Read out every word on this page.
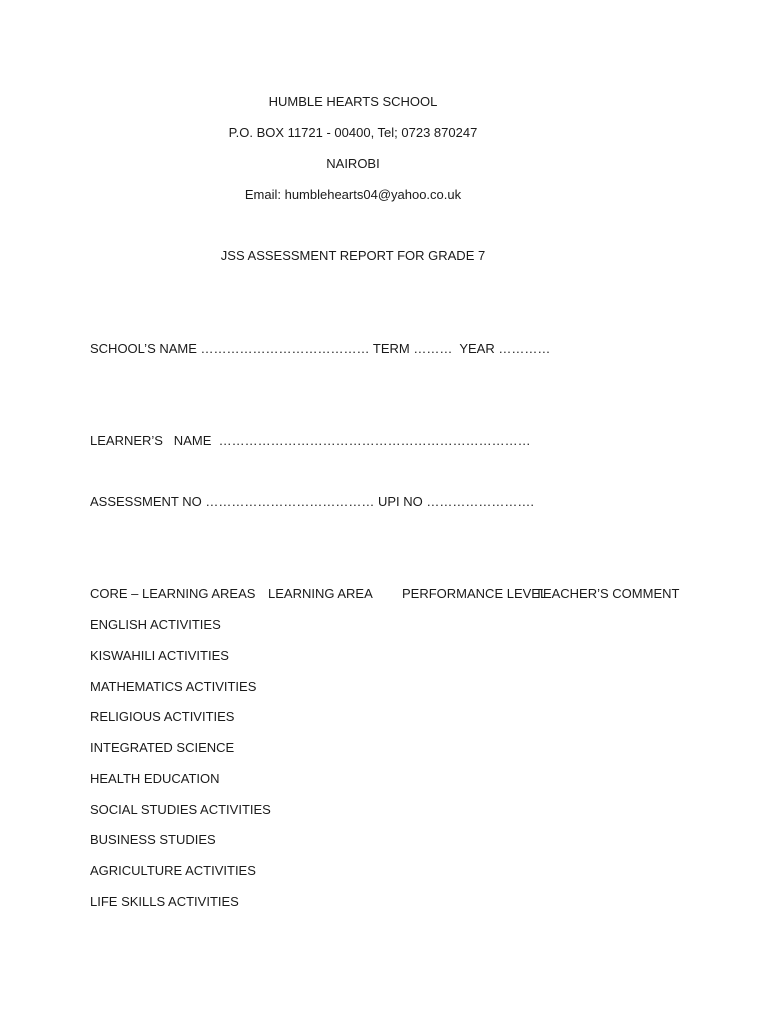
HUMBLE HEARTS SCHOOL
P.O. BOX 11721 - 00400, Tel; 0723 870247
NAIROBI
Email: humblehearts04@yahoo.co.uk
JSS ASSESSMENT REPORT FOR GRADE 7
SCHOOL’S NAME ………………………………… TERM ………  YEAR …………
LEARNER’S   NAME  ………………………………………………………………
ASSESSMENT NO ………………………………… UPI NO …………………….
CORE – LEARNING AREAS LEARNING AREA PERFORMANCE LEVEL
TEACHER’S COMMENT
ENGLISH ACTIVITIES
KISWAHILI ACTIVITIES
MATHEMATICS ACTIVITIES
RELIGIOUS ACTIVITIES
INTEGRATED SCIENCE
HEALTH EDUCATION
SOCIAL STUDIES ACTIVITIES
BUSINESS STUDIES
AGRICULTURE ACTIVITIES
LIFE SKILLS ACTIVITIES
